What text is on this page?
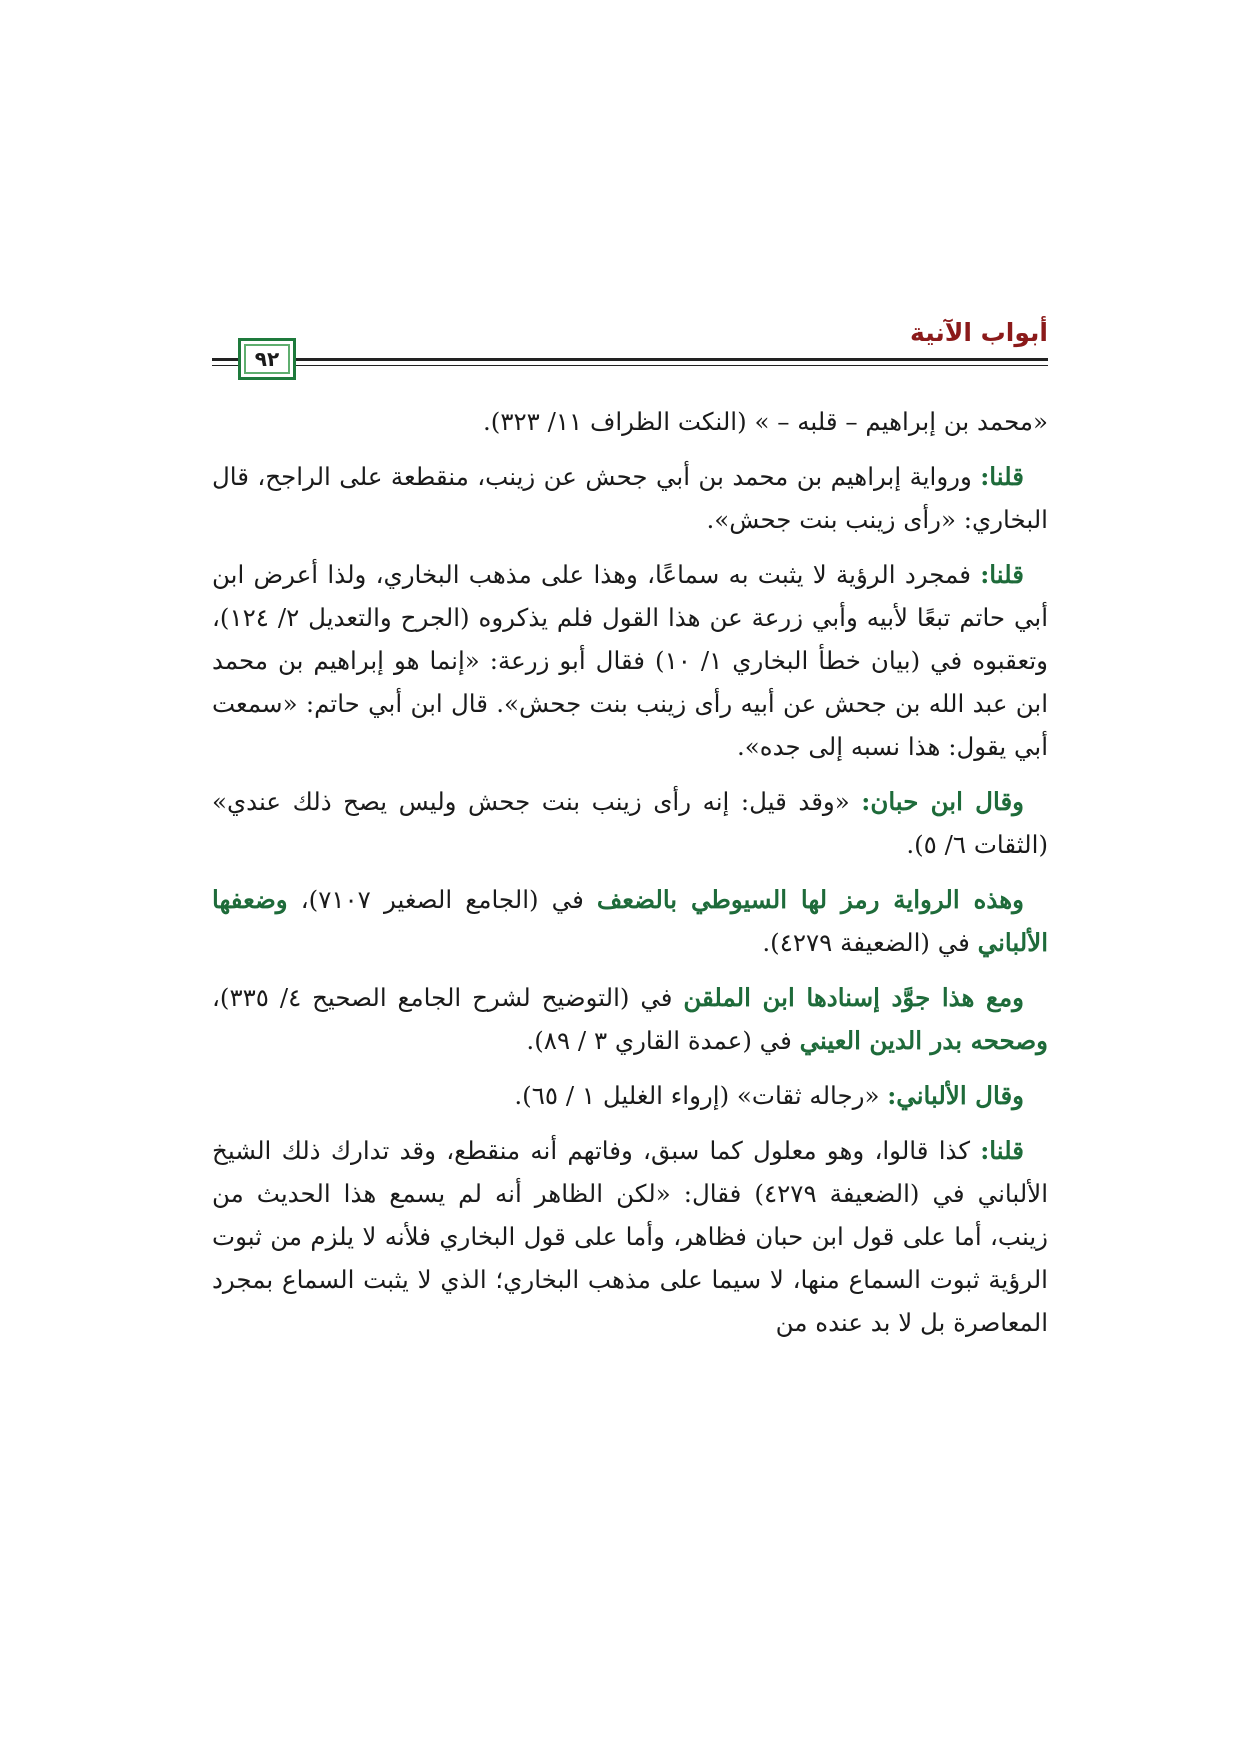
أبواب الآنية
٩٢

«محمد بن إبراهيم – قلبه – » (النكت الظراف ١١/ ٣٢٣).

قلنا: ورواية إبراهيم بن محمد بن أبي جحش عن زينب، منقطعة على الراجح، قال البخاري: «رأى زينب بنت جحش».

قلنا: فمجرد الرؤية لا يثبت به سماعًا، وهذا على مذهب البخاري، ولذا أعرض ابن أبي حاتم تبعًا لأبيه وأبي زرعة عن هذا القول فلم يذكروه (الجرح والتعديل ٢/ ١٢٤)، وتعقبوه في (بيان خطأ البخاري ١/ ١٠) فقال أبو زرعة: «إنما هو إبراهيم بن محمد ابن عبد الله بن جحش عن أبيه رأى زينب بنت جحش». قال ابن أبي حاتم: «سمعت أبي يقول: هذا نسبه إلى جده».

وقال ابن حبان: «وقد قيل: إنه رأى زينب بنت جحش وليس يصح ذلك عندي» (الثقات ٦/ ٥).

وهذه الرواية رمز لها السيوطي بالضعف في (الجامع الصغير ٧١٠٧)، وضعفها الألباني في (الضعيفة ٤٢٧٩).

ومع هذا جوَّد إسنادها ابن الملقن في (التوضيح لشرح الجامع الصحيح ٤/ ٣٣٥)، وصححه بدر الدين العيني في (عمدة القاري ٣ / ٨٩).

وقال الألباني: «رجاله ثقات» (إرواء الغليل ١ / ٦٥).

قلنا: كذا قالوا، وهو معلول كما سبق، وفاتهم أنه منقطع، وقد تدارك ذلك الشيخ الألباني في (الضعيفة ٤٢٧٩) فقال: «لكن الظاهر أنه لم يسمع هذا الحديث من زينب، أما على قول ابن حبان فظاهر، وأما على قول البخاري فلأنه لا يلزم من ثبوت الرؤية ثبوت السماع منها، لا سيما على مذهب البخاري؛ الذي لا يثبت السماع بمجرد المعاصرة بل لا بد عنده من
